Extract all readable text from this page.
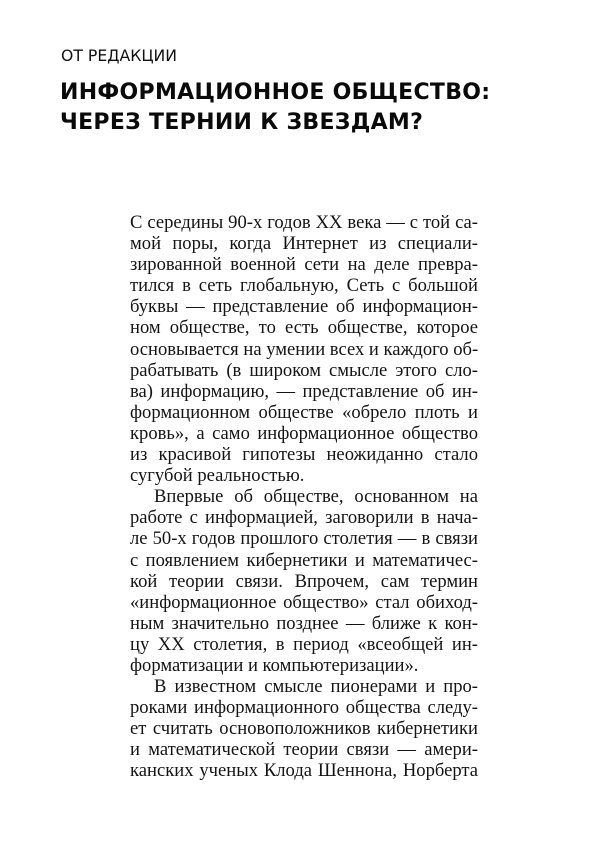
ОТ РЕДАКЦИИ
ИНФОРМАЦИОННОЕ ОБЩЕСТВО:
ЧЕРЕЗ ТЕРНИИ К ЗВЕЗДАМ?
С середины 90-х годов XX века — с той са-
мой поры, когда Интернет из специали-
зированной военной сети на деле превра-
тился в сеть глобальную, Сеть с большой
буквы — представление об информацион-
ном обществе, то есть обществе, которое
основывается на умении всех и каждого об-
рабатывать (в широком смысле этого сло-
ва) информацию, — представление об ин-
формационном обществе «обрело плоть и
кровь», а само информационное общество
из красивой гипотезы неожиданно стало
сугубой реальностью.
Впервые об обществе, основанном на
работе с информацией, заговорили в нача-
ле 50-х годов прошлого столетия — в связи
с появлением кибернетики и математичес-
кой теории связи. Впрочем, сам термин
«информационное общество» стал обиход-
ным значительно позднее — ближе к кон-
цу XX столетия, в период «всеобщей ин-
форматизации и компьютеризации».
В известном смысле пионерами и про-
роками информационного общества следу-
ет считать основоположников кибернетики
и математической теории связи — амери-
канских ученых Клода Шеннона, Норберта
